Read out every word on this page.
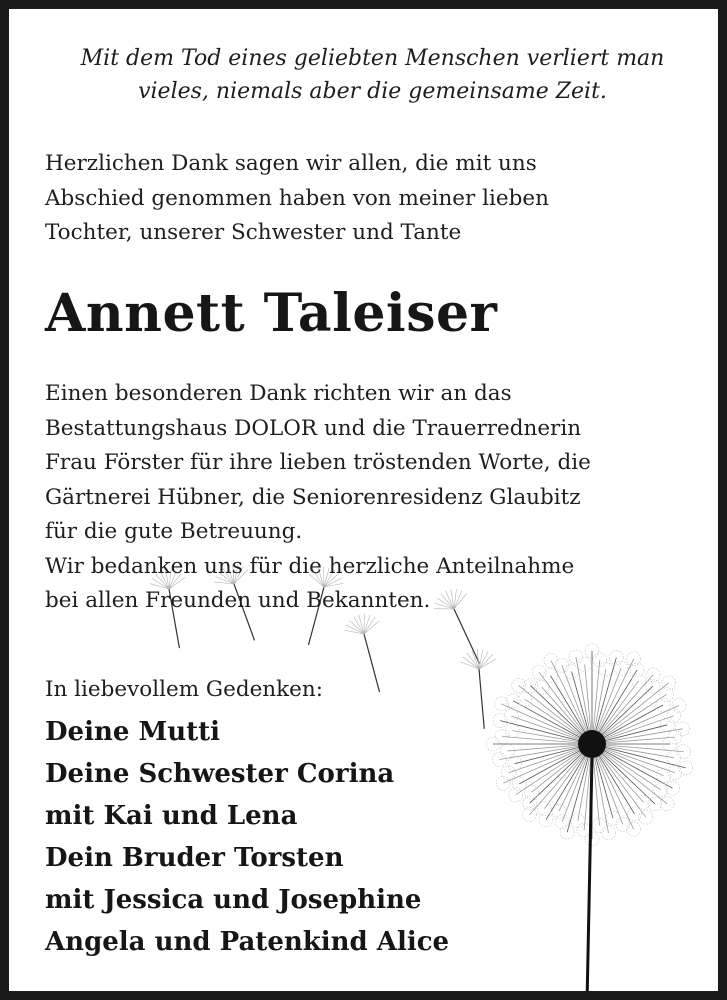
Mit dem Tod eines geliebten Menschen verliert man
vieles, niemals aber die gemeinsame Zeit.

Herzlichen Dank sagen wir allen, die mit uns
Abschied genommen haben von meiner lieben
Tochter, unserer Schwester und Tante

Annett Taleiser

Einen besonderen Dank richten wir an das
Bestattungshaus DOLOR und die Trauerrednerin
Frau Förster für ihre lieben tröstenden Worte, die
Gärtnerei Hübner, die Seniorenresidenz Glaubitz
für die gute Betreuung.
Wir bedanken uns für die herzliche Anteilnahme
bei allen Freunden und Bekannten.

In liebevollem Gedenken:

Deine Mutti
Deine Schwester Corina
mit Kai und Lena
Dein Bruder Torsten
mit Jessica und Josephine
Angela und Patenkind Alice
